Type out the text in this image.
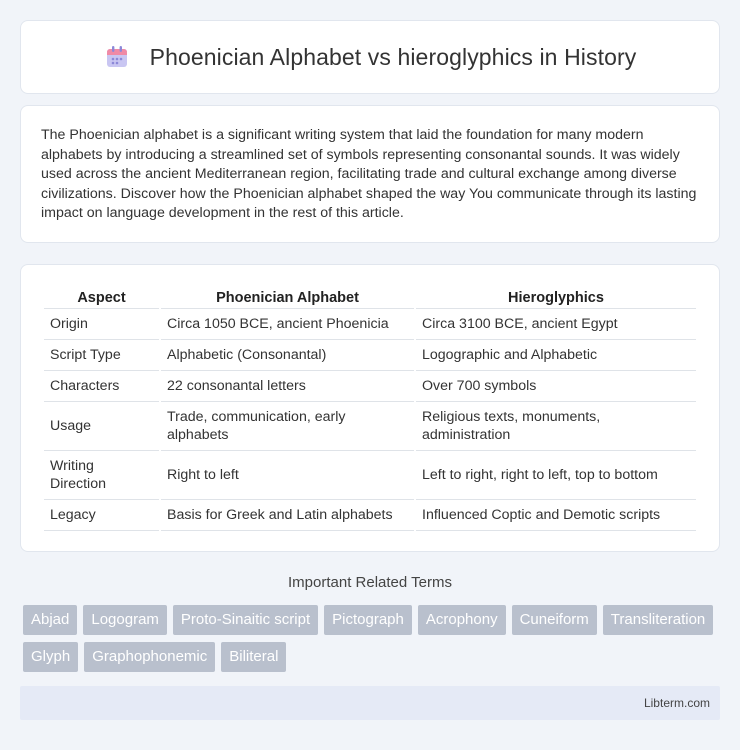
Phoenician Alphabet vs hieroglyphics in History

The Phoenician alphabet is a significant writing system that laid the foundation for many modern alphabets by introducing a streamlined set of symbols representing consonantal sounds. It was widely used across the ancient Mediterranean region, facilitating trade and cultural exchange among diverse civilizations. Discover how the Phoenician alphabet shaped the way You communicate through its lasting impact on language development in the rest of this article.

Aspect	Phoenician Alphabet	Hieroglyphics
Origin	Circa 1050 BCE, ancient Phoenicia	Circa 3100 BCE, ancient Egypt
Script Type	Alphabetic (Consonantal)	Logographic and Alphabetic
Characters	22 consonantal letters	Over 700 symbols
Usage	Trade, communication, early alphabets	Religious texts, monuments, administration
Writing Direction	Right to left	Left to right, right to left, top to bottom
Legacy	Basis for Greek and Latin alphabets	Influenced Coptic and Demotic scripts
Important Related Terms
Abjad	Logogram	Proto-Sinaitic script	Pictograph	Acrophony	Cuneiform	Transliteration
Glyph	Graphophonemic	Biliteral
Libterm.com
